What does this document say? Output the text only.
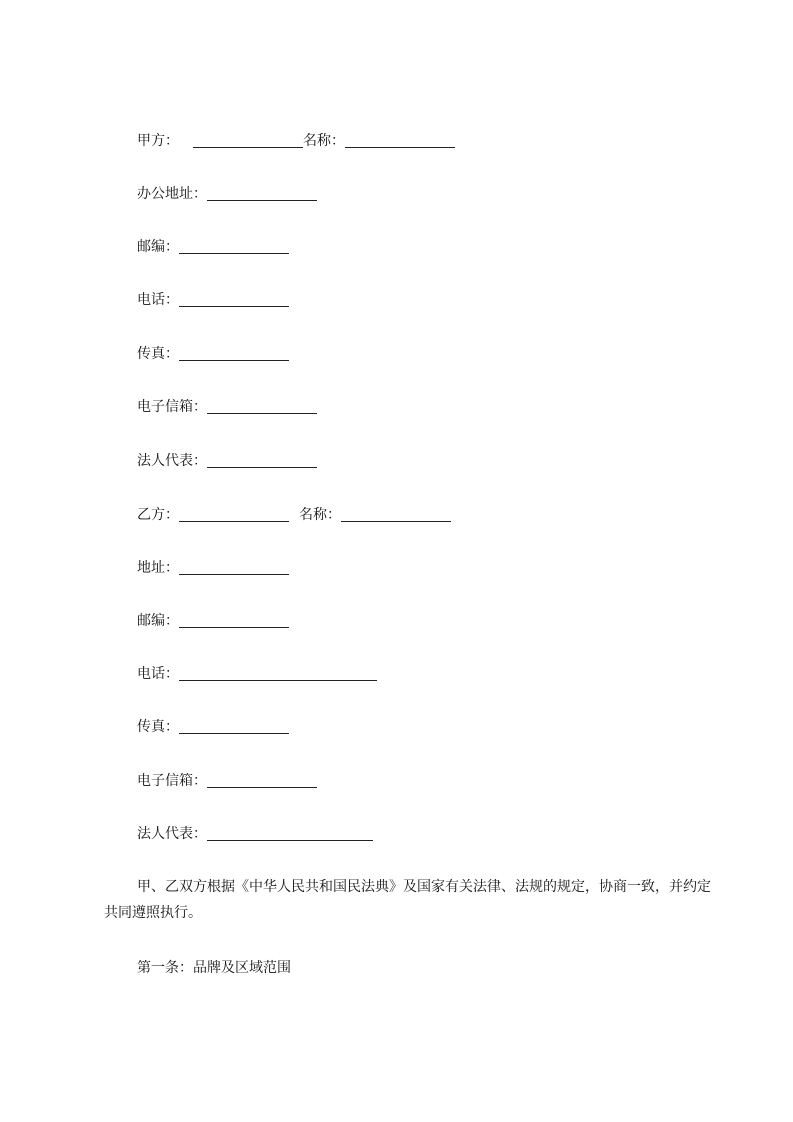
甲方：	名称：
办公地址：
邮编：
电话：
传真：
电子信箱：
法人代表：
乙方：	名称：
地址：
邮编：
电话：
传真：
电子信箱：
法人代表：
甲、乙双方根据《中华人民共和国民法典》及国家有关法律、法规的规定，协商一致，并约定共同遵照执行。
第一条：品牌及区域范围
